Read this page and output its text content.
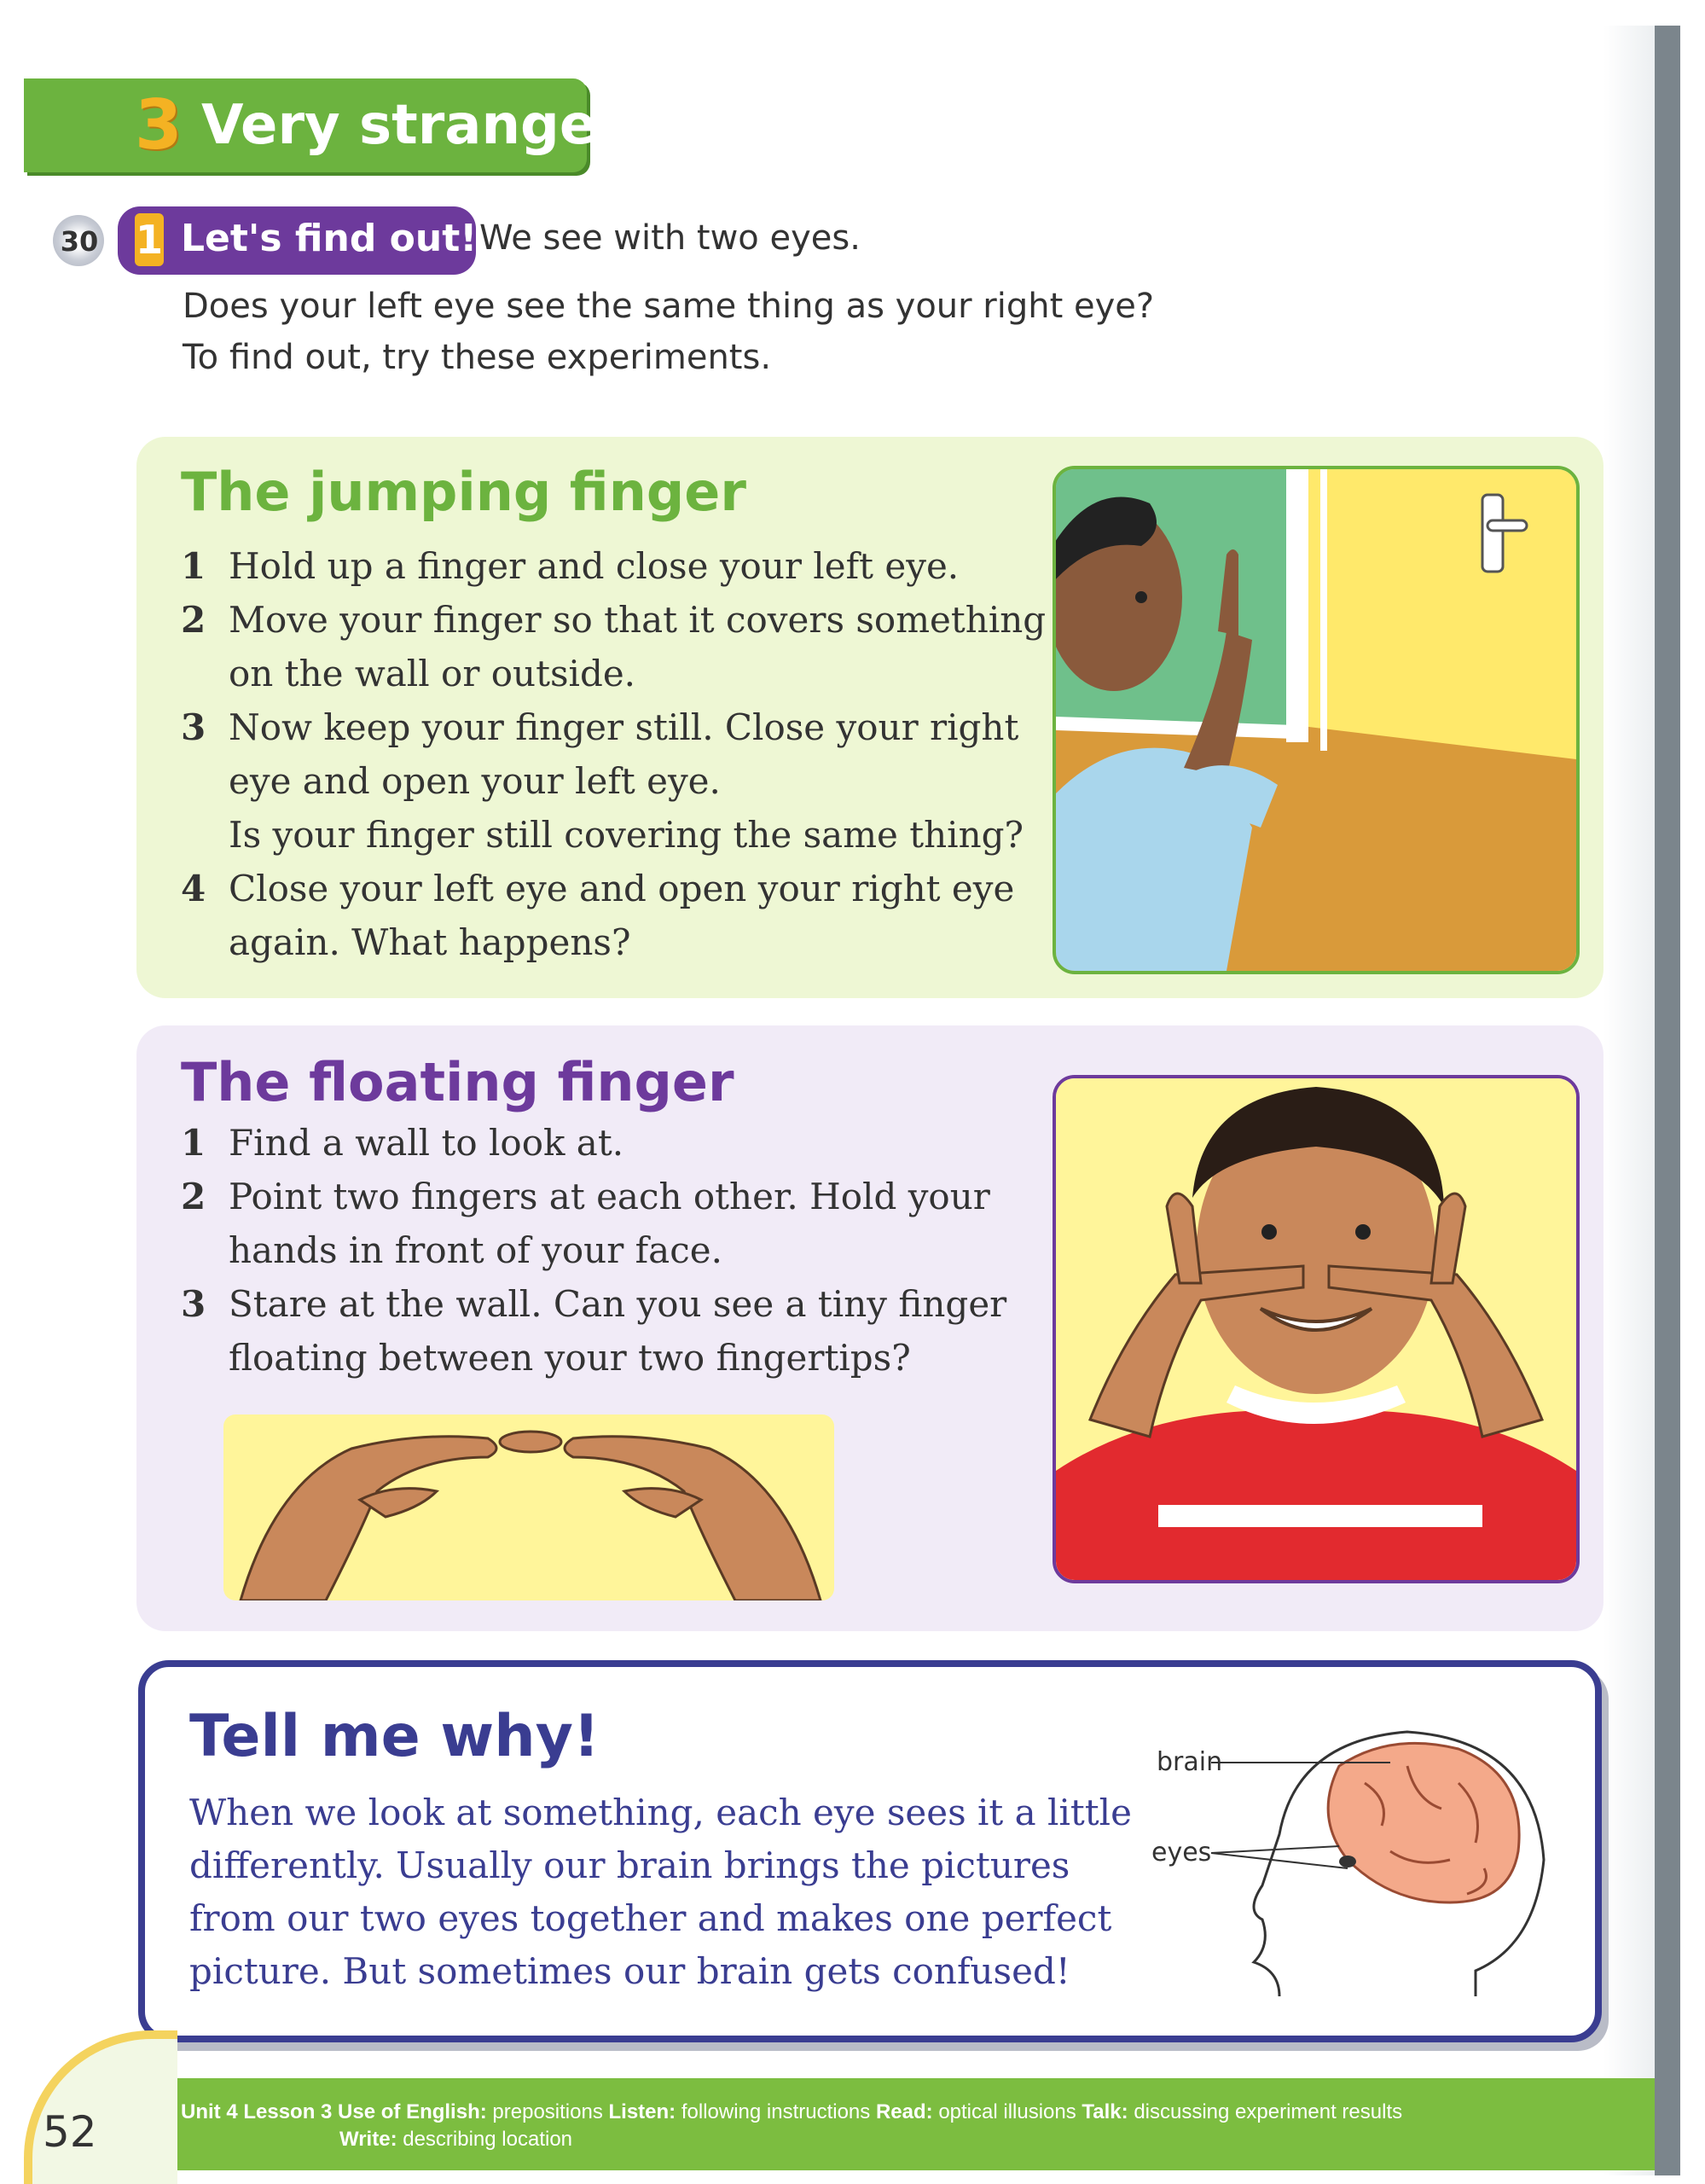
3 Very strange!
30 1 Let's find out! We see with two eyes.
Does your left eye see the same thing as your right eye?
To find out, try these experiments.
The jumping finger
1 Hold up a finger and close your left eye.
2 Move your finger so that it covers something
on the wall or outside.
3 Now keep your finger still. Close your right
eye and open your left eye.
Is your finger still covering the same thing?
4 Close your left eye and open your right eye
again. What happens?
The floating finger
1 Find a wall to look at.
2 Point two fingers at each other. Hold your
hands in front of your face.
3 Stare at the wall. Can you see a tiny finger
floating between your two fingertips?
Tell me why!
When we look at something, each eye sees it a little
differently. Usually our brain brings the pictures
from our two eyes together and makes one perfect
picture. But sometimes our brain gets confused!
brain
eyes
52	Unit 4 Lesson 3 Use of English: prepositions Listen: following instructions Read: optical illusions Talk: discussing experiment results
Write: describing location
